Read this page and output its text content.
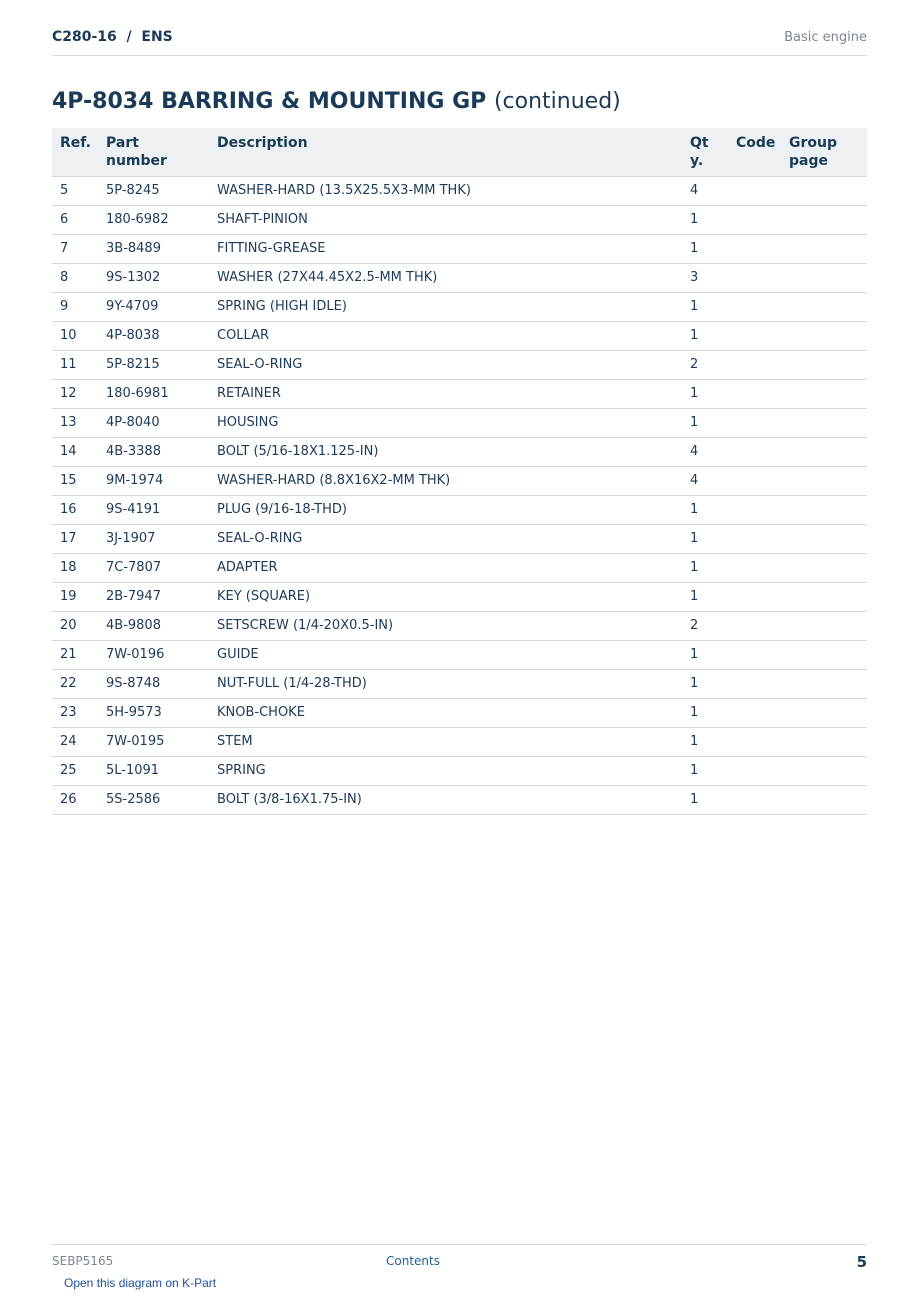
C280-16  /  ENS	Basic engine
4P-8034 BARRING & MOUNTING GP (continued)
Ref.	Part number	Description	Qty.	Code	Group page
5	5P-8245	WASHER-HARD (13.5X25.5X3-MM THK)	4		
6	180-6982	SHAFT-PINION	1		
7	3B-8489	FITTING-GREASE	1		
8	9S-1302	WASHER (27X44.45X2.5-MM THK)	3		
9	9Y-4709	SPRING (HIGH IDLE)	1		
10	4P-8038	COLLAR	1		
11	5P-8215	SEAL-O-RING	2		
12	180-6981	RETAINER	1		
13	4P-8040	HOUSING	1		
14	4B-3388	BOLT (5/16-18X1.125-IN)	4		
15	9M-1974	WASHER-HARD (8.8X16X2-MM THK)	4		
16	9S-4191	PLUG (9/16-18-THD)	1		
17	3J-1907	SEAL-O-RING	1		
18	7C-7807	ADAPTER	1		
19	2B-7947	KEY (SQUARE)	1		
20	4B-9808	SETSCREW (1/4-20X0.5-IN)	2		
21	7W-0196	GUIDE	1		
22	9S-8748	NUT-FULL (1/4-28-THD)	1		
23	5H-9573	KNOB-CHOKE	1		
24	7W-0195	STEM	1		
25	5L-1091	SPRING	1		
26	5S-2586	BOLT (3/8-16X1.75-IN)	1		
SEBP5165	Contents	5
Open this diagram on K-Part
